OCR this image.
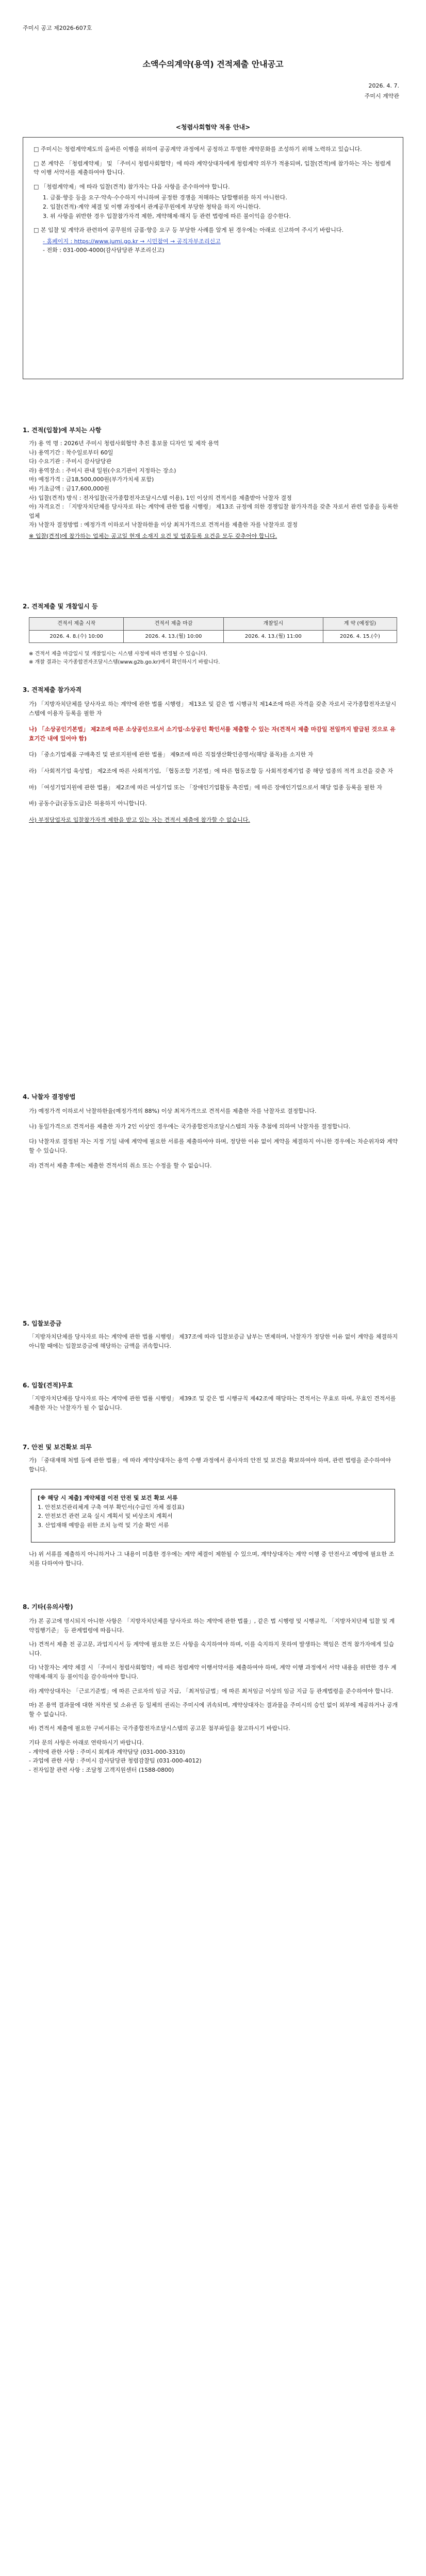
주미시 공고 제2026-607호
소액수의계약(용역) 견적제출 안내공고
2026. 4. 7.
주미시 계약관
<청렴사회협약 적용 안내>
□ 주미시는 청렴계약제도의 올바른 이행을 위하여 공공계약 과정에서 공정하고 투명한 계약문화를 조성하기 위해 노력하고 있습니다.
□ 본 계약은 「청렴계약제」 및 「주미시 청렴사회협약」에 따라 계약상대자에게 청렴계약 의무가 적용되며, 입찰(견적)에 참가하는 자는 청렴계약 이행 서약서를 제출하여야 합니다.
□ 「청렴계약제」에 따라 입찰(견적) 참가자는 다음 사항을 준수하여야 합니다.
1. 금품·향응 등을 요구·약속·수수하지 아니하며 공정한 경쟁을 저해하는 담합행위를 하지 아니한다.
2. 입찰(견적)·계약 체결 및 이행 과정에서 관계공무원에게 부당한 청탁을 하지 아니한다.
3. 위 사항을 위반한 경우 입찰참가자격 제한, 계약해제·해지 등 관련 법령에 따른 불이익을 감수한다.
□ 본 입찰 및 계약과 관련하여 공무원의 금품·향응 요구 등 부당한 사례를 알게 된 경우에는 아래로 신고하여 주시기 바랍니다.
- 홈페이지 : https://www.jumi.go.kr → 시민참여 → 공직자부조리신고
- 전화 : 031-000-4000(감사담당관 부조리신고)
1. 견적(입찰)에 부치는 사항
가) 용 역 명 : 2026년 주미시 청렴사회협약 추진 홍보물 디자인 및 제작 용역
나) 용역기간 : 착수일로부터 60일
다) 수요기관 : 주미시 감사담당관
라) 용역장소 : 주미시 관내 일원(수요기관이 지정하는 장소)
마) 예정가격 : 금18,500,000원(부가가치세 포함)
바) 기초금액 : 금17,600,000원
사) 입찰(견적) 방식 : 전자입찰(국가종합전자조달시스템 이용), 1인 이상의 견적서를 제출받아 낙찰자 결정
아) 자격요건 : 「지방자치단체를 당사자로 하는 계약에 관한 법률 시행령」 제13조 규정에 의한 경쟁입찰 참가자격을 갖춘 자로서 관련 업종을 등록한 업체
자) 낙찰자 결정방법 : 예정가격 이하로서 낙찰하한율 이상 최저가격으로 견적서를 제출한 자를 낙찰자로 결정
※ 입찰(견적)에 참가하는 업체는 공고일 현재 소재지 요건 및 업종등록 요건을 모두 갖추어야 합니다.
2. 견적제출 및 개찰일시 등
견적서 제출 시작	견적서 제출 마감	개찰일시	계 약 (예정일)
2026. 4. 8.(수) 10:00	2026. 4. 13.(월) 10:00	2026. 4. 13.(월) 11:00	2026. 4. 15.(수)
※ 견적서 제출 마감일시 및 개찰일시는 시스템 사정에 따라 변경될 수 있습니다.
※ 개찰 결과는 국가종합전자조달시스템(www.g2b.go.kr)에서 확인하시기 바랍니다.
3. 견적제출 참가자격
가) 「지방자치단체를 당사자로 하는 계약에 관한 법률 시행령」 제13조 및 같은 법 시행규칙 제14조에 따른 자격을 갖춘 자로서 국가종합전자조달시스템에 이용자 등록을 필한 자
나) 「소상공인기본법」 제2조에 따른 소상공인으로서 소기업·소상공인 확인서를 제출할 수 있는 자(견적서 제출 마감일 전일까지 발급된 것으로 유효기간 내에 있어야 함)
다) 「중소기업제품 구매촉진 및 판로지원에 관한 법률」 제9조에 따른 직접생산확인증명서(해당 품목)를 소지한 자
라) 「사회적기업 육성법」 제2조에 따른 사회적기업, 「협동조합 기본법」에 따른 협동조합 등 사회적경제기업 중 해당 업종의 적격 요건을 갖춘 자
마) 「여성기업지원에 관한 법률」 제2조에 따른 여성기업 또는 「장애인기업활동 촉진법」에 따른 장애인기업으로서 해당 업종 등록을 필한 자
바) 공동수급(공동도급)은 허용하지 아니합니다.
사) 부정당업자로 입찰참가자격 제한을 받고 있는 자는 견적서 제출에 참가할 수 없습니다.
4. 낙찰자 결정방법
가) 예정가격 이하로서 낙찰하한율(예정가격의 88%) 이상 최저가격으로 견적서를 제출한 자를 낙찰자로 결정합니다.
나) 동일가격으로 견적서를 제출한 자가 2인 이상인 경우에는 국가종합전자조달시스템의 자동 추첨에 의하여 낙찰자를 결정합니다.
다) 낙찰자로 결정된 자는 지정 기일 내에 계약에 필요한 서류를 제출하여야 하며, 정당한 이유 없이 계약을 체결하지 아니한 경우에는 차순위자와 계약할 수 있습니다.
라) 견적서 제출 후에는 제출한 견적서의 취소 또는 수정을 할 수 없습니다.
5. 입찰보증금
「지방자치단체를 당사자로 하는 계약에 관한 법률 시행령」 제37조에 따라 입찰보증금 납부는 면제하며, 낙찰자가 정당한 이유 없이 계약을 체결하지 아니할 때에는 입찰보증금에 해당하는 금액을 귀속합니다.
6. 입찰(견적)무효
「지방자치단체를 당사자로 하는 계약에 관한 법률 시행령」 제39조 및 같은 법 시행규칙 제42조에 해당하는 견적서는 무효로 하며, 무효인 견적서를 제출한 자는 낙찰자가 될 수 없습니다.
7. 안전 및 보건확보 의무
가) 「중대재해 처벌 등에 관한 법률」에 따라 계약상대자는 용역 수행 과정에서 종사자의 안전 및 보건을 확보하여야 하며, 관련 법령을 준수하여야 합니다.
[※ 해당 시 제출] 계약체결 이전 안전 및 보건 확보 서류
1. 안전보건관리체계 구축 여부 확인서(수급인 자체 점검표)
2. 안전보건 관련 교육 실시 계획서 및 비상조치 계획서
3. 산업재해 예방을 위한 조치 능력 및 기술 확인 서류
나) 위 서류를 제출하지 아니하거나 그 내용이 미흡한 경우에는 계약 체결이 제한될 수 있으며, 계약상대자는 계약 이행 중 안전사고 예방에 필요한 조치를 다하여야 합니다.
8. 기타(유의사항)
가) 본 공고에 명시되지 아니한 사항은 「지방자치단체를 당사자로 하는 계약에 관한 법률」, 같은 법 시행령 및 시행규칙, 「지방자치단체 입찰 및 계약집행기준」 등 관계법령에 따릅니다.
나) 견적서 제출 전 공고문, 과업지시서 등 계약에 필요한 모든 사항을 숙지하여야 하며, 이를 숙지하지 못하여 발생하는 책임은 견적 참가자에게 있습니다.
다) 낙찰자는 계약 체결 시 「주미시 청렴사회협약」에 따른 청렴계약 이행서약서를 제출하여야 하며, 계약 이행 과정에서 서약 내용을 위반한 경우 계약해제·해지 등 불이익을 감수하여야 합니다.
라) 계약상대자는 「근로기준법」에 따른 근로자의 임금 지급, 「최저임금법」에 따른 최저임금 이상의 임금 지급 등 관계법령을 준수하여야 합니다.
마) 본 용역 결과물에 대한 저작권 및 소유권 등 일체의 권리는 주미시에 귀속되며, 계약상대자는 결과물을 주미시의 승인 없이 외부에 제공하거나 공개할 수 없습니다.
바) 견적서 제출에 필요한 구비서류는 국가종합전자조달시스템의 공고문 첨부파일을 참고하시기 바랍니다.
기타 문의 사항은 아래로 연락하시기 바랍니다.
- 계약에 관한 사항 : 주미시 회계과 계약담당 (031-000-3310)
- 과업에 관한 사항 : 주미시 감사담당관 청렴감찰팀 (031-000-4012)
- 전자입찰 관련 사항 : 조달청 고객지원센터 (1588-0800)
